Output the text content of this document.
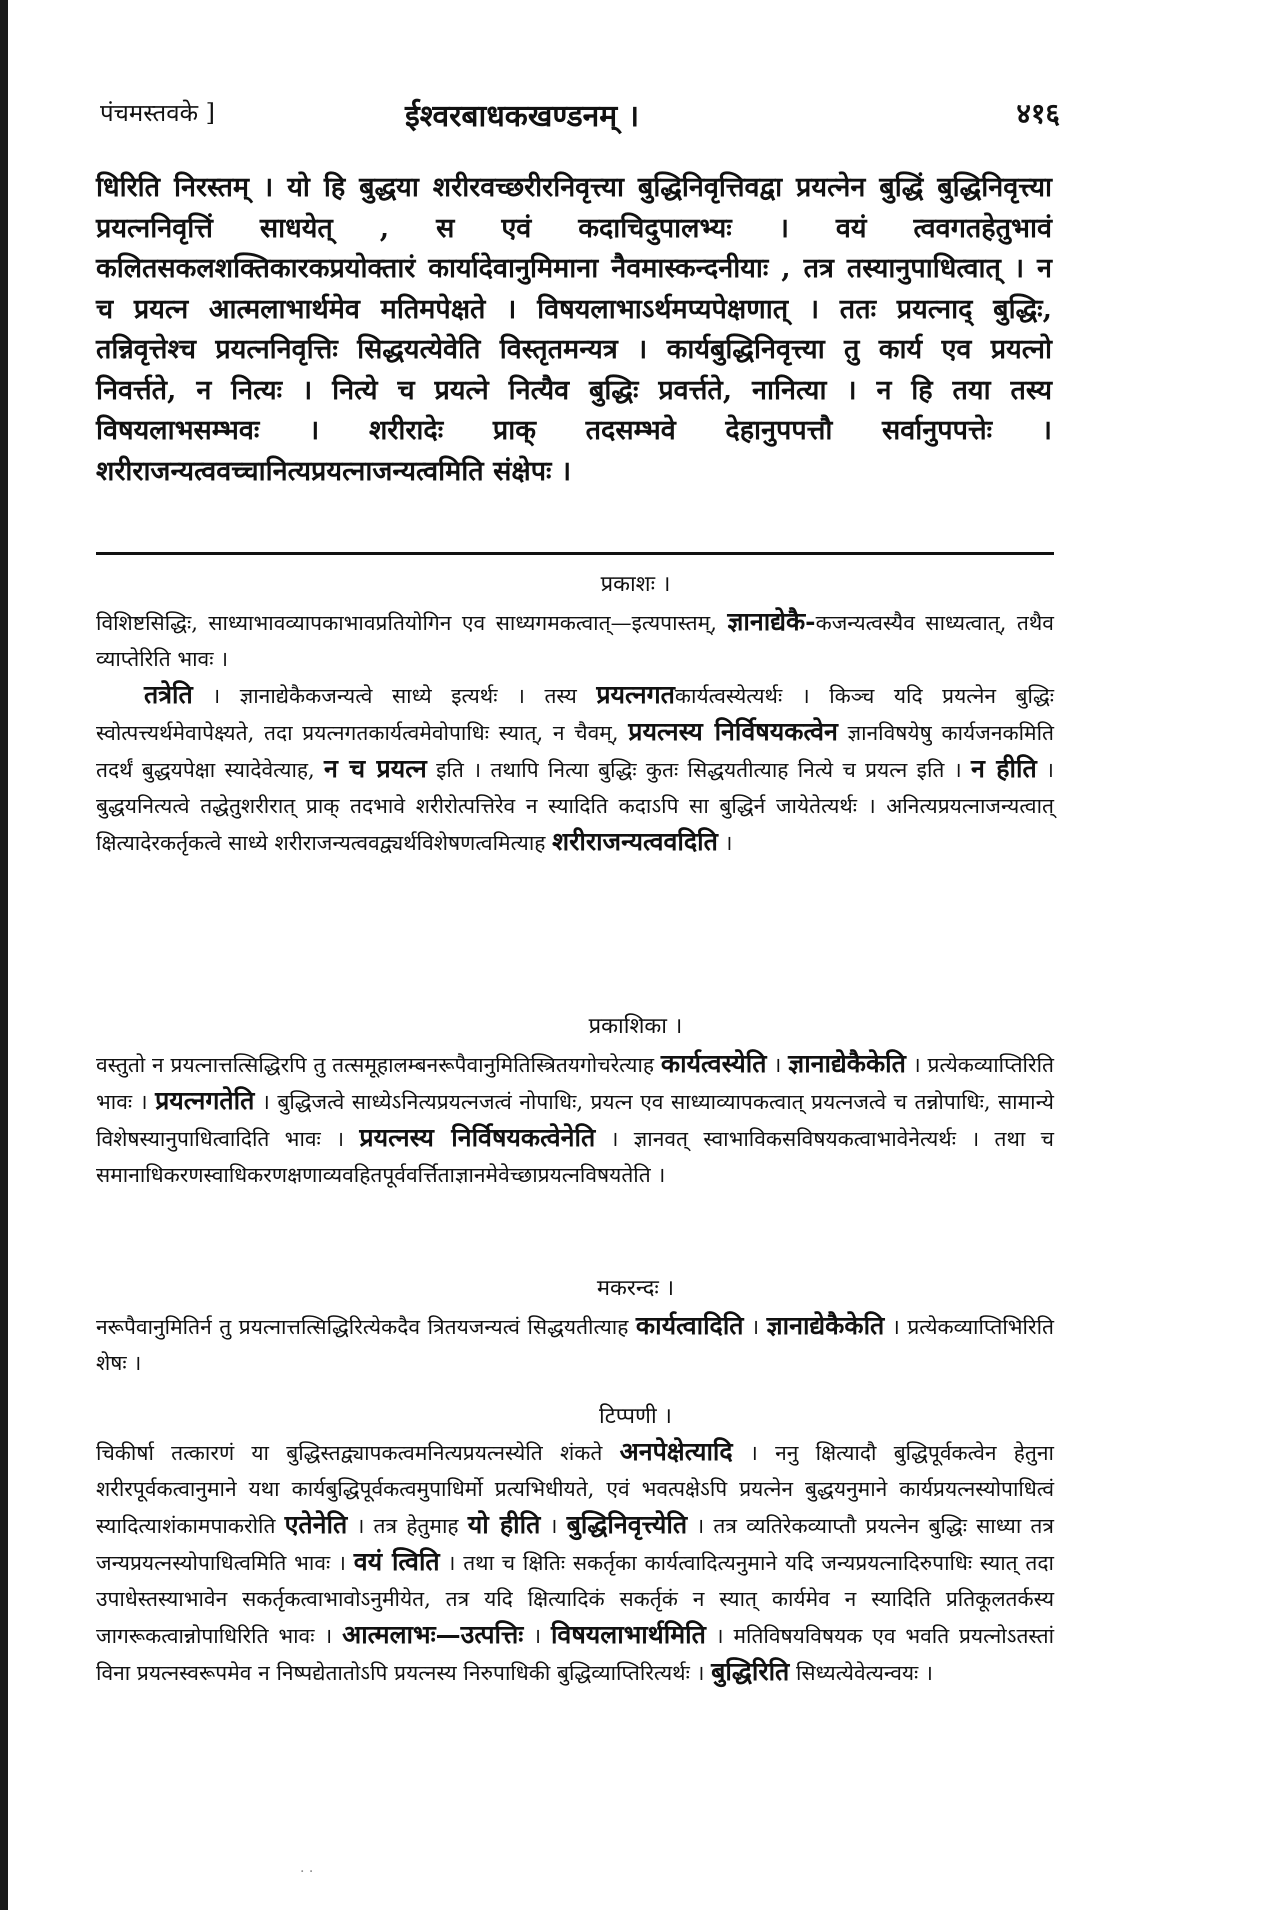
पंचमस्तवके ]	ईश्वरबाधकखण्डनम् ।	४१६
धिरिति निरस्तम् । यो हि बुद्धया शरीरवच्छरीरनिवृत्त्या बुद्धिनिवृत्तिवद्वा प्रयत्नेन बुद्धिं बुद्धिनिवृत्त्या प्रयत्ननिवृत्तिं साधयेत् , स एवं कदाचिदुपालभ्यः । वयं त्ववगतहेतुभावं कलितसकलशक्तिकारकप्रयोक्तारं कार्यादेवानुमिमाना नैवमास्कन्दनीयाः , तत्र तस्यानुपाधित्वात् । न च प्रयत्न आत्मलाभार्थमेव मतिमपेक्षते । विषयलाभाऽर्थमप्यपेक्षणात् । ततः प्रयत्नाद् बुद्धिः, तन्निवृत्तेश्च प्रयत्ननिवृत्तिः सिद्धयत्येवेति विस्तृतमन्यत्र । कार्यबुद्धिनिवृत्त्या तु कार्य एव प्रयत्नो निवर्त्तते, न नित्यः । नित्ये च प्रयत्ने नित्यैव बुद्धिः प्रवर्त्तते, नानित्या । न हि तया तस्य विषयलाभसम्भवः । शरीरादेः प्राक् तदसम्भवे देहानुपपत्तौ सर्वानुपपत्तेः । शरीराजन्यत्ववच्चानित्यप्रयत्नाजन्यत्वमिति संक्षेपः ।
प्रकाशः ।

विशिष्टसिद्धिः, साध्याभावव्यापकाभावप्रतियोगिन एव साध्यगमकत्वात्—इत्यपास्तम्, ज्ञानाद्येकै-कजन्यत्वस्यैव साध्यत्वात्, तथैव व्याप्तेरिति भावः ।

तत्रेति । ज्ञानाद्येकैकजन्यत्वे साध्ये इत्यर्थः । तस्य प्रयत्नगतकार्यत्वस्येत्यर्थः । किञ्च यदि प्रयत्नेन बुद्धिः स्वोत्पत्त्यर्थमेवापेक्ष्यते, तदा प्रयत्नगतकार्यत्वमेवोपाधिः स्यात्, न चैवम्, प्रयत्नस्य निर्विषयकत्वेन ज्ञानविषयेषु कार्यजनकमिति तदर्थं बुद्धयपेक्षा स्यादेवेत्याह, न च प्रयत्न इति । तथापि नित्या बुद्धिः कुतः सिद्धयतीत्याह नित्ये च प्रयत्न इति । न हीति । बुद्धयनित्यत्वे तद्धेतुशरीरात् प्राक् तदभावे शरीरोत्पत्तिरेव न स्यादिति कदाऽपि सा बुद्धिर्न जायेतेत्यर्थः । अनित्यप्रयत्नाजन्यत्वात् क्षित्यादेरकर्तृकत्वे साध्ये शरीराजन्यत्ववद्व्यर्थविशेषणत्वमित्याह शरीराजन्यत्ववदिति ।

प्रकाशिका ।

वस्तुतो न प्रयत्नात्तत्सिद्धिरपि तु तत्समूहालम्बनरूपैवानुमितिस्त्रितयगोचरेत्याह कार्यत्वस्येति । ज्ञानाद्येकैकेति । प्रत्येकव्याप्तिरिति भावः । प्रयत्नगतेति । बुद्धिजत्वे साध्येऽनित्यप्रयत्नजत्वं नोपाधिः, प्रयत्न एव साध्याव्यापकत्वात् प्रयत्नजत्वे च तन्नोपाधिः, सामान्ये विशेषस्यानुपाधित्वादिति भावः । प्रयत्नस्य निर्विषयकत्वेनेति । ज्ञानवत् स्वाभाविकसविषयकत्वाभावेनेत्यर्थः । तथा च समानाधिकरणस्वाधिकरणक्षणाव्यवहितपूर्ववर्त्तिताज्ञानमेवेच्छाप्रयत्नविषयतेति ।

मकरन्दः ।

नरूपैवानुमितिर्न तु प्रयत्नात्तत्सिद्धिरित्येकदैव त्रितयजन्यत्वं सिद्धयतीत्याह कार्यत्वादिति । ज्ञानाद्येकैकेति । प्रत्येकव्याप्तिभिरिति शेषः ।

टिप्पणी ।

चिकीर्षा तत्कारणं या बुद्धिस्तद्व्यापकत्वमनित्यप्रयत्नस्येति शंकते अनपेक्षेत्यादि । ननु क्षित्यादौ बुद्धिपूर्वकत्वेन हेतुना शरीरपूर्वकत्वानुमाने यथा कार्यबुद्धिपूर्वकत्वमुपाधिर्मो प्रत्यभिधीयते, एवं भवत्पक्षेऽपि प्रयत्नेन बुद्धयनुमाने कार्यप्रयत्नस्योपाधित्वं स्यादित्याशंकामपाकरोति एतेनेति । तत्र हेतुमाह यो हीति । बुद्धिनिवृत्त्येति । तत्र व्यतिरेकव्याप्तौ प्रयत्नेन बुद्धिः साध्या तत्र जन्यप्रयत्नस्योपाधित्वमिति भावः । वयं त्विति । तथा च क्षितिः सकर्तृका कार्यत्वादित्यनुमाने यदि जन्यप्रयत्नादिरुपाधिः स्यात् तदा उपाधेस्तस्याभावेन सकर्तृकत्वाभावोऽनुमीयेत, तत्र यदि क्षित्यादिकं सकर्तृकं न स्यात् कार्यमेव न स्यादिति प्रतिकूलतर्कस्य जागरूकत्वान्नोपाधिरिति भावः । आत्मलाभः—उत्पत्तिः । विषयलाभार्थमिति । मतिविषयविषयक एव भवति प्रयत्नोऽतस्तां विना प्रयत्नस्वरूपमेव न निष्पद्येतातोऽपि प्रयत्नस्य निरुपाधिकी बुद्धिव्याप्तिरित्यर्थः । बुद्धिरिति सिध्यत्येवेत्यन्वयः ।

· ·
